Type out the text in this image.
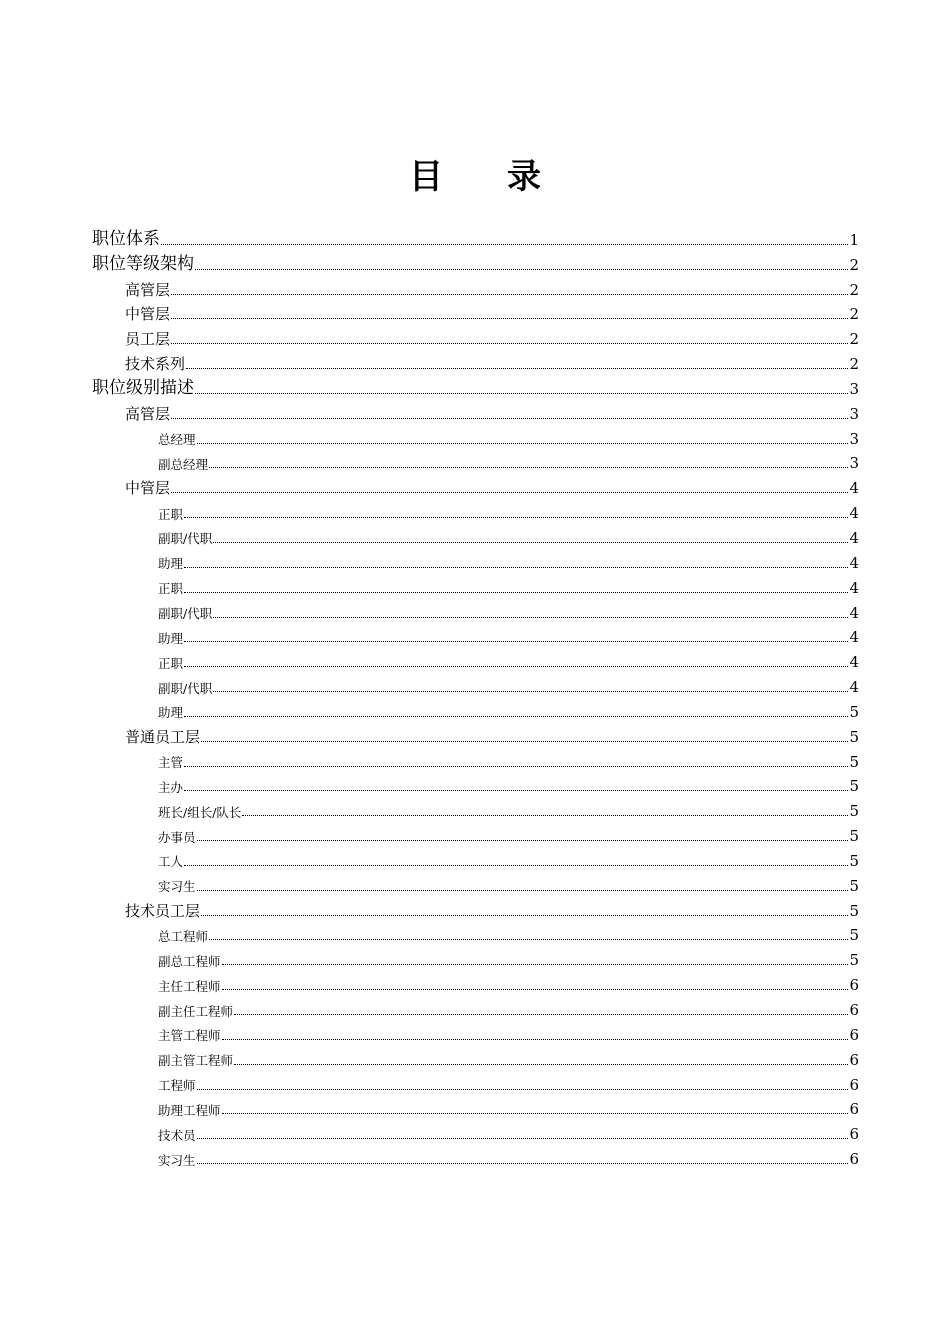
目 录
职位体系	1
职位等级架构	2
高管层	2
中管层	2
员工层	2
技术系列	2
职位级别描述	3
高管层	3
总经理	3
副总经理	3
中管层	4
正职	4
副职/代职	4
助理	4
正职	4
副职/代职	4
助理	4
正职	4
副职/代职	4
助理	5
普通员工层	5
主管	5
主办	5
班长/组长/队长	5
办事员	5
工人	5
实习生	5
技术员工层	5
总工程师	5
副总工程师	5
主任工程师	6
副主任工程师	6
主管工程师	6
副主管工程师	6
工程师	6
助理工程师	6
技术员	6
实习生	6
